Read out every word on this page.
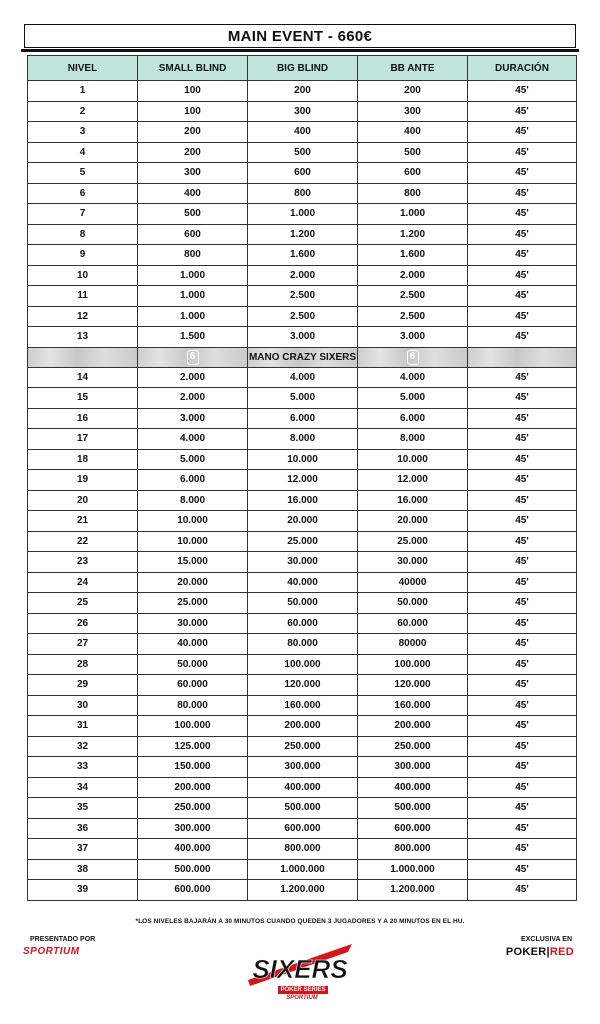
MAIN EVENT - 660€
NIVEL	SMALL BLIND	BIG BLIND	BB ANTE	DURACIÓN
1	100	200	200	45'
2	100	300	300	45'
3	200	400	400	45'
4	200	500	500	45'
5	300	600	600	45'
6	400	800	800	45'
7	500	1.000	1.000	45'
8	600	1.200	1.200	45'
9	800	1.600	1.600	45'
10	1.000	2.000	2.000	45'
11	1.000	2.500	2.500	45'
12	1.000	2.500	2.500	45'
13	1.500	3.000	3.000	45'
	6	MANO CRAZY SIXERS	6	
14	2.000	4.000	4.000	45'
15	2.000	5.000	5.000	45'
16	3.000	6.000	6.000	45'
17	4.000	8.000	8.000	45'
18	5.000	10.000	10.000	45'
19	6.000	12.000	12.000	45'
20	8.000	16.000	16.000	45'
21	10.000	20.000	20.000	45'
22	10.000	25.000	25.000	45'
23	15.000	30.000	30.000	45'
24	20.000	40.000	40000	45'
25	25.000	50.000	50.000	45'
26	30.000	60.000	60.000	45'
27	40.000	80.000	80000	45'
28	50.000	100.000	100.000	45'
29	60.000	120.000	120.000	45'
30	80.000	160.000	160.000	45'
31	100.000	200.000	200.000	45'
32	125.000	250.000	250.000	45'
33	150.000	300.000	300.000	45'
34	200.000	400.000	400.000	45'
35	250.000	500.000	500.000	45'
36	300.000	600.000	600.000	45'
37	400.000	800.000	800.000	45'
38	500.000	1.000.000	1.000.000	45'
39	600.000	1.200.000	1.200.000	45'
*LOS NIVELES BAJARÁN A 30 MINUTOS CUANDO QUEDEN 3 JUGADORES Y A 20 MINUTOS EN EL HU.
PRESENTADO POR
SPORTIUM
EXCLUSIVA EN
POKER|RED
SIXERS
POKER SERIES
SPORTIUM
